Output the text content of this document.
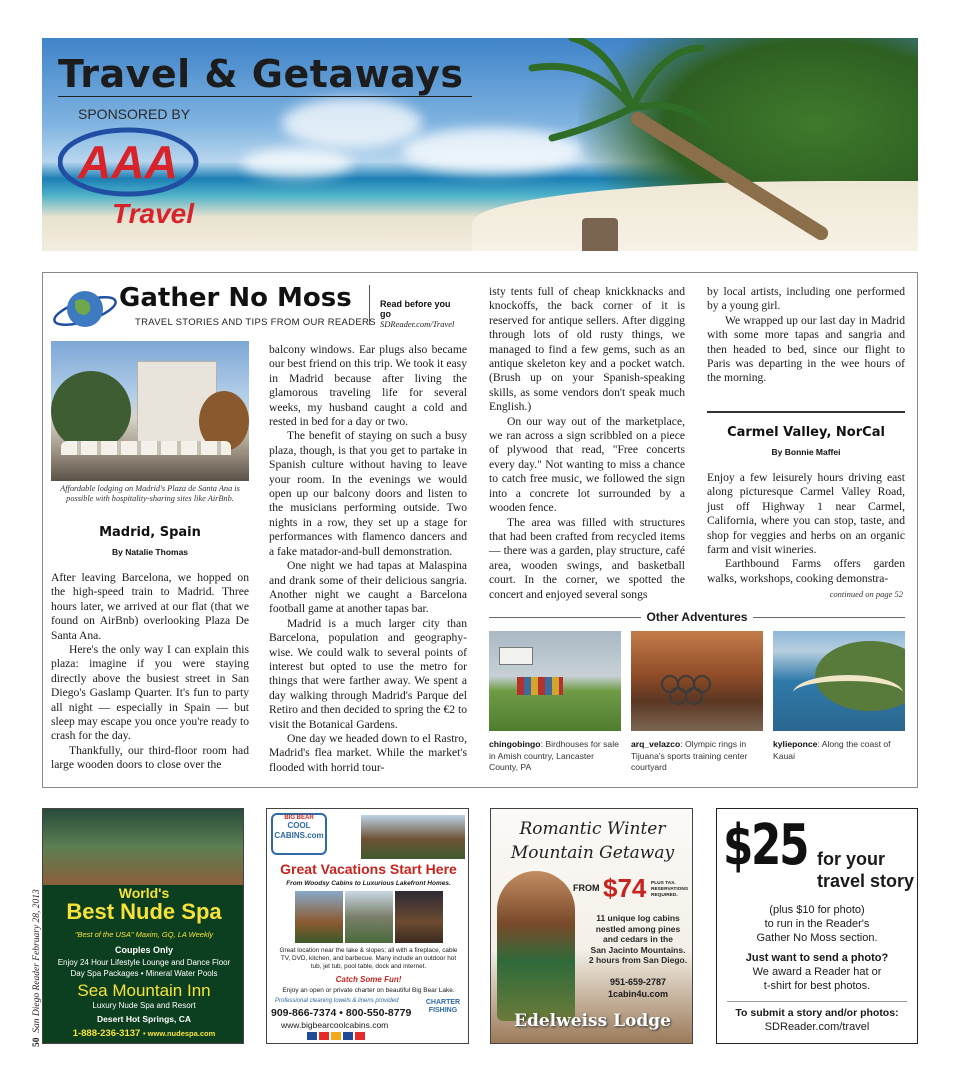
Travel & Getaways
SPONSORED BY
AAA
Travel
Gather No Moss
TRAVEL STORIES AND TIPS FROM OUR READERS
Read before you go
SDReader.com/Travel
Affordable lodging on Madrid's Plaza de Santa Ana is possible with hospitality-sharing sites like AirBnb.
Madrid, Spain
By Natalie Thomas

After leaving Barcelona, we hopped on the high-speed train to Madrid. Three hours later, we arrived at our flat (that we found on AirBnb) overlooking Plaza De Santa Ana.

Here's the only way I can explain this plaza: imagine if you were staying directly above the busiest street in San Diego's Gaslamp Quarter. It's fun to party all night — especially in Spain — but sleep may escape you once you're ready to crash for the day.

Thankfully, our third-floor room had large wooden doors to close over the

balcony windows. Ear plugs also became our best friend on this trip. We took it easy in Madrid because after living the glamorous traveling life for several weeks, my husband caught a cold and rested in bed for a day or two.

The benefit of staying on such a busy plaza, though, is that you get to partake in Spanish culture without having to leave your room. In the evenings we would open up our balcony doors and listen to the musicians performing outside. Two nights in a row, they set up a stage for performances with flamenco dancers and a fake matador-and-bull demonstration.

One night we had tapas at Malaspina and drank some of their delicious sangria. Another night we caught a Barcelona football game at another tapas bar.

Madrid is a much larger city than Barcelona, population and geography-wise. We could walk to several points of interest but opted to use the metro for things that were farther away. We spent a day walking through Madrid's Parque del Retiro and then decided to spring the €2 to visit the Botanical Gardens.

One day we headed down to el Rastro, Madrid's flea market. While the market's flooded with horrid tour-

isty tents full of cheap knickknacks and knockoffs, the back corner of it is reserved for antique sellers. After digging through lots of old rusty things, we managed to find a few gems, such as an antique skeleton key and a pocket watch. (Brush up on your Spanish-speaking skills, as some vendors don't speak much English.)

On our way out of the marketplace, we ran across a sign scribbled on a piece of plywood that read, "Free concerts every day." Not wanting to miss a chance to catch free music, we followed the sign into a concrete lot surrounded by a wooden fence.

The area was filled with structures that had been crafted from recycled items — there was a garden, play structure, café area, wooden swings, and basketball court. In the corner, we spotted the concert and enjoyed several songs

by local artists, including one performed by a young girl.

We wrapped up our last day in Madrid with some more tapas and sangria and then headed to bed, since our flight to Paris was departing in the wee hours of the morning.

Carmel Valley, NorCal
By Bonnie Maffei

Enjoy a few leisurely hours driving east along picturesque Carmel Valley Road, just off Highway 1 near Carmel, California, where you can stop, taste, and shop for veggies and herbs on an organic farm and visit wineries.

Earthbound Farms offers garden walks, workshops, cooking demonstra-

continued on page 52
Other Adventures
chingobingo: Birdhouses for sale in Amish country, Lancaster County, PA
arq_velazco: Olympic rings in Tijuana's sports training center courtyard
kylieponce: Along the coast of Kauai
50  San Diego Reader February 28, 2013	World's
Best Nude Spa
"Best of the USA" Maxim, GQ, LA Weekly
Couples Only
Enjoy 24 Hour Lifestyle Lounge and Dance Floor
Day Spa Packages • Mineral Water Pools
Sea Mountain Inn
Luxury Nude Spa and Resort
Desert Hot Springs, CA
1-888-236-3137 • www.nudespa.com
BIG BEAR
COOL CABINS.com
Great Vacations Start Here
From Woodsy Cabins to Luxurious Lakefront Homes.
Great location near the lake & slopes; all with a fireplace, cable TV, DVD, kitchen, and barbecue. Many include an outdoor hot tub, jet tub, pool table, dock and internet.
Catch Some Fun!
Enjoy an open or private charter on beautiful Big Bear Lake.
Professional cleaning towels & linens provided
909-866-7374 • 800-550-8779
www.bigbearcoolcabins.com
CHARTER FISHING
Romantic Winter
Mountain Getaway
FROM $74 PLUS TAX. RESERVATIONS REQUIRED.
11 unique log cabins
nestled among pines
and cedars in the
San Jacinto Mountains.
2 hours from San Diego.
951-659-2787
1cabin4u.com
Edelweiss Lodge
$25 for your
travel story
(plus $10 for photo)
to run in the Reader's
Gather No Moss section.
Just want to send a photo?
We award a Reader hat or
t-shirt for best photos.
To submit a story and/or photos:
SDReader.com/travel
